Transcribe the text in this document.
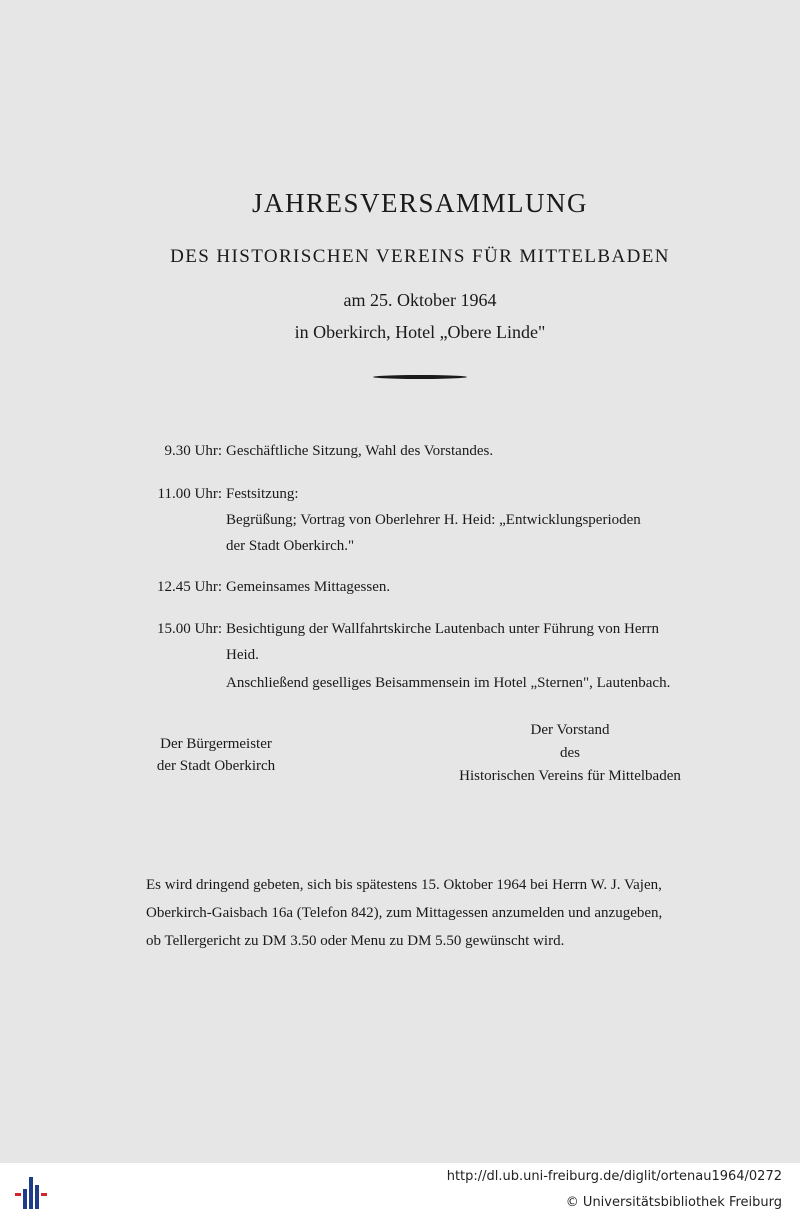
JAHRESVERSAMMLUNG
DES HISTORISCHEN VEREINS FÜR MITTELBADEN
am 25. Oktober 1964
in Oberkirch, Hotel „Obere Linde"
9.30 Uhr: Geschäftliche Sitzung, Wahl des Vorstandes.
11.00 Uhr: Festsitzung:
Begrüßung; Vortrag von Oberlehrer H. Heid: „Entwicklungsperioden
der Stadt Oberkirch."
12.45 Uhr: Gemeinsames Mittagessen.
15.00 Uhr: Besichtigung der Wallfahrtskirche Lautenbach unter Führung von Herrn
Heid.
Anschließend geselliges Beisammensein im Hotel „Sternen", Lautenbach.
Der Bürgermeister
der Stadt Oberkirch
Der Vorstand
des
Historischen Vereins für Mittelbaden
Es wird dringend gebeten, sich bis spätestens 15. Oktober 1964 bei Herrn W. J. Vajen,
Oberkirch-Gaisbach 16a (Telefon 842), zum Mittagessen anzumelden und anzugeben,
ob Tellergericht zu DM 3.50 oder Menu zu DM 5.50 gewünscht wird.
http://dl.ub.uni-freiburg.de/diglit/ortenau1964/0272
© Universitätsbibliothek Freiburg
